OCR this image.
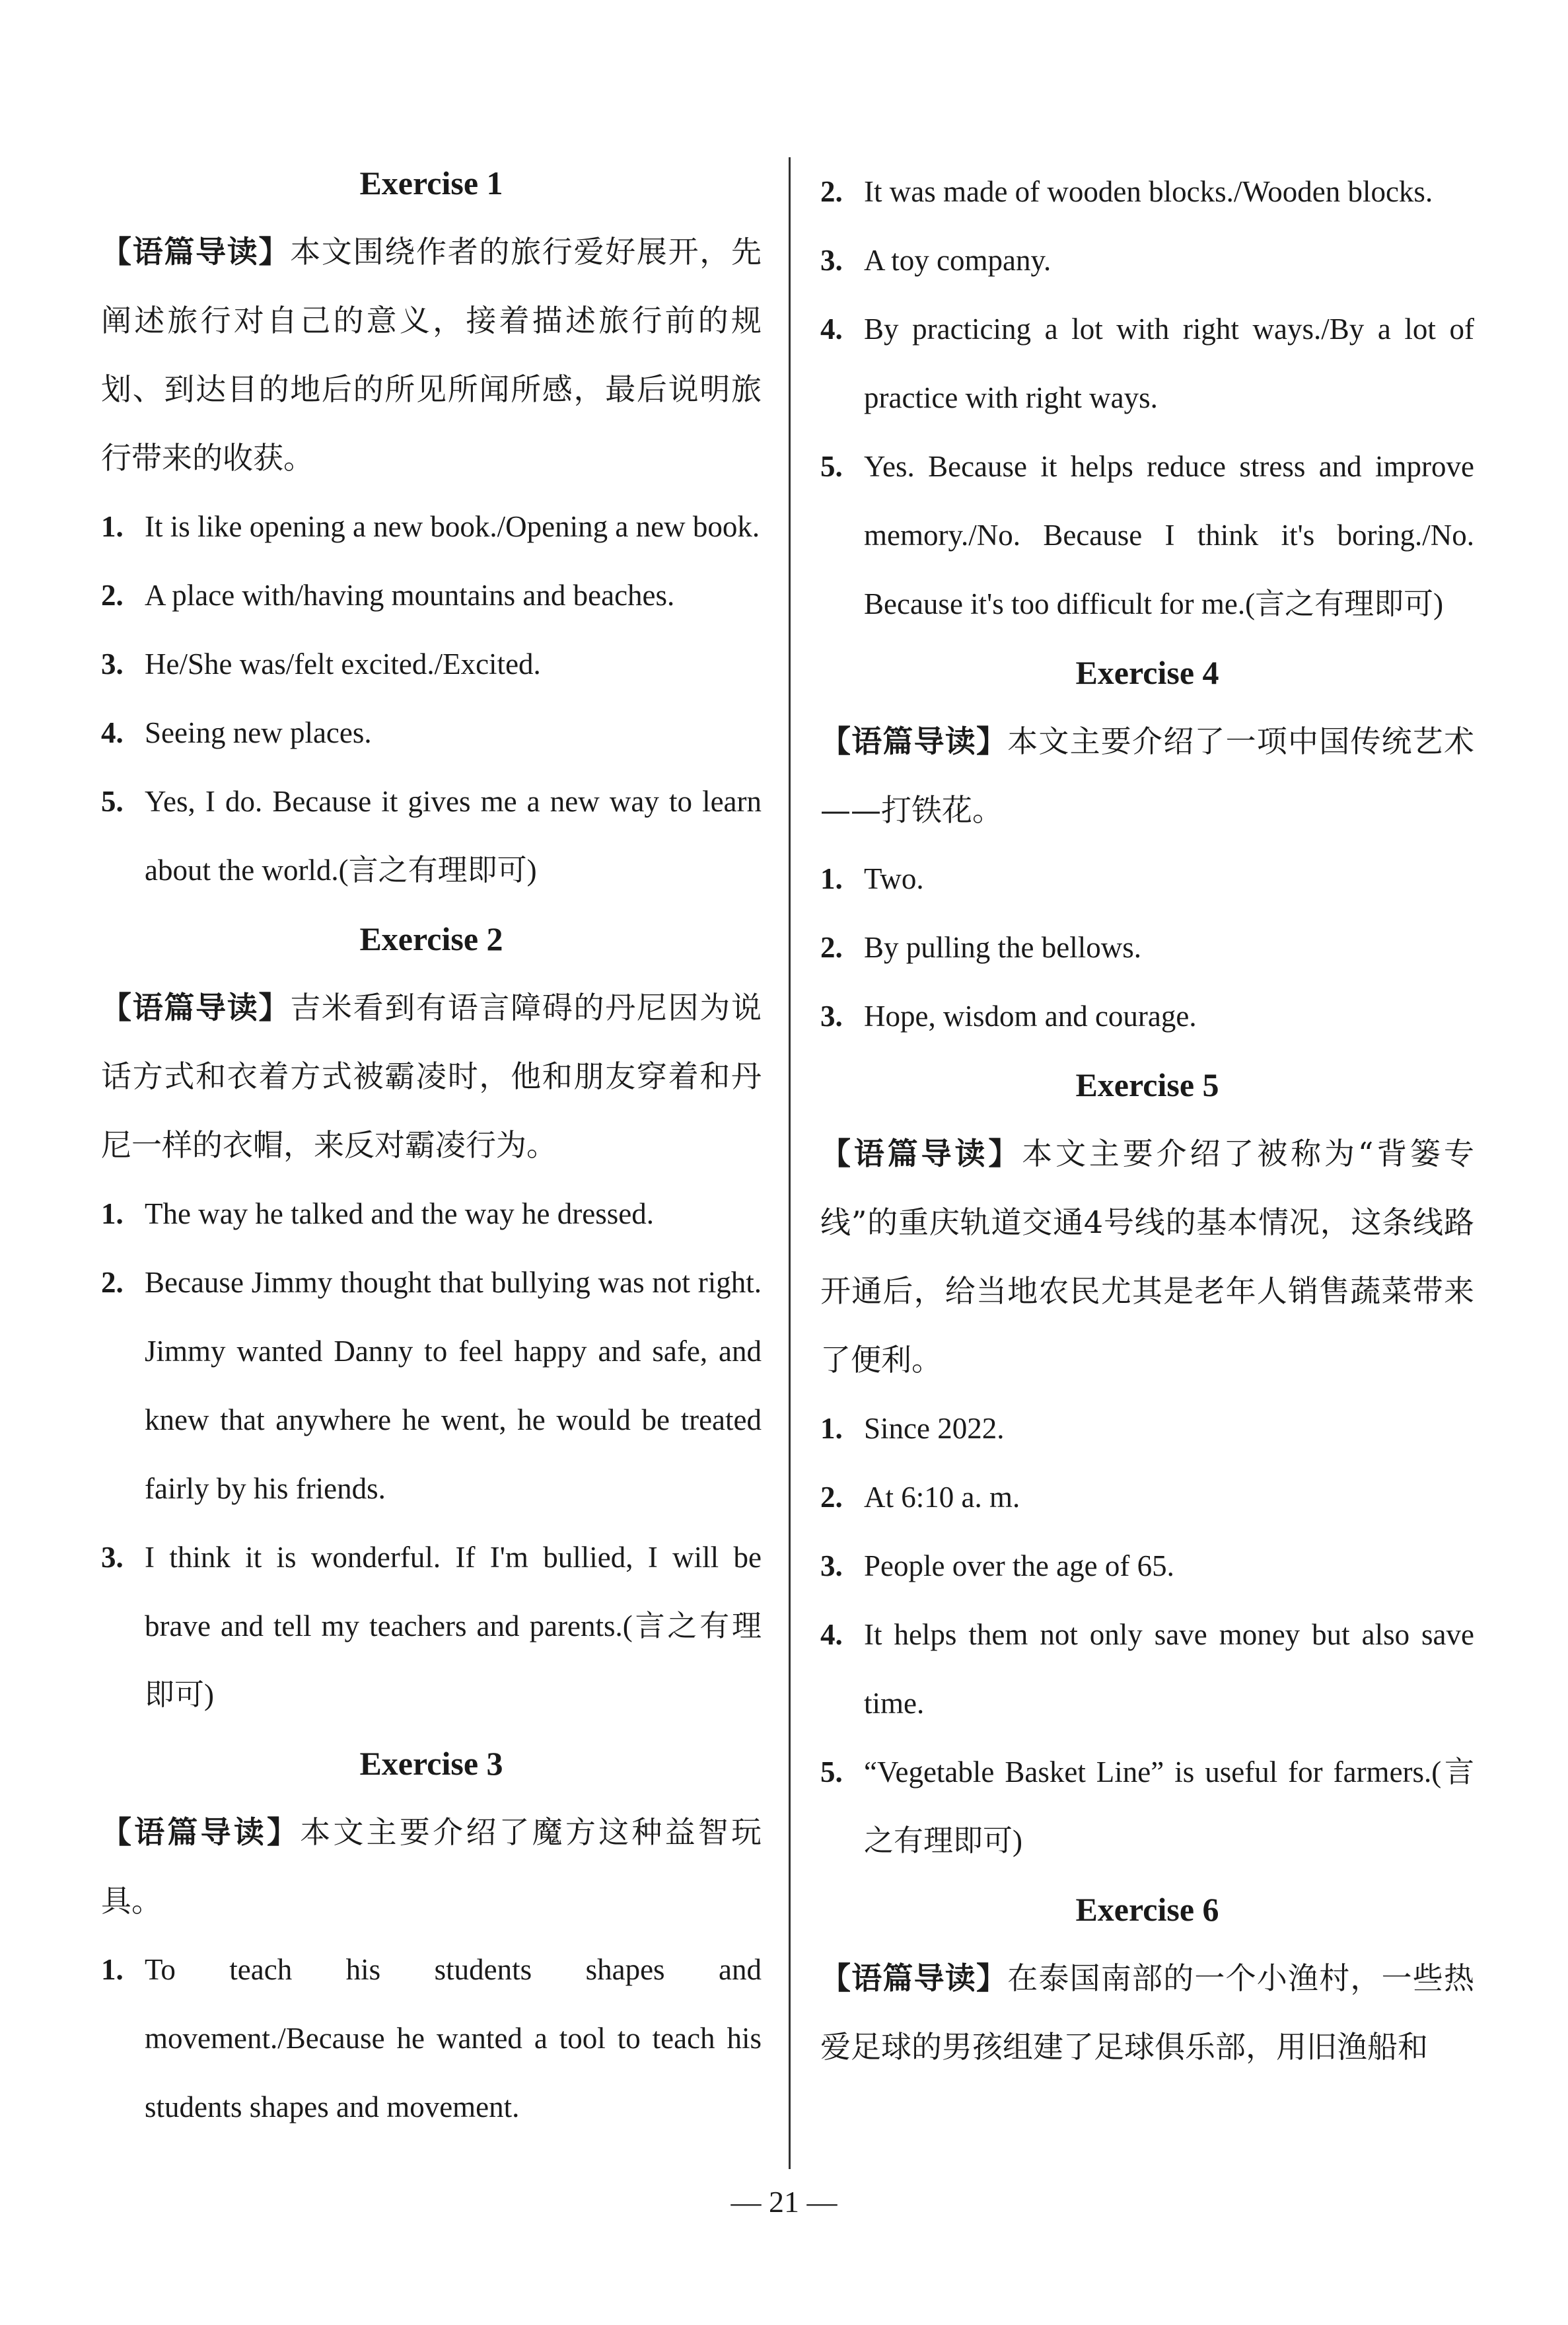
Exercise 1
【语篇导读】本文围绕作者的旅行爱好展开，先阐述旅行对自己的意义，接着描述旅行前的规划、到达目的地后的所见所闻所感，最后说明旅行带来的收获。
1. It is like opening a new book./Opening a new book.
2. A place with/having mountains and beaches.
3. He/She was/felt excited./Excited.
4. Seeing new places.
5. Yes, I do. Because it gives me a new way to learn about the world.(言之有理即可)
Exercise 2
【语篇导读】吉米看到有语言障碍的丹尼因为说话方式和衣着方式被霸凌时，他和朋友穿着和丹尼一样的衣帽，来反对霸凌行为。
1. The way he talked and the way he dressed.
2. Because Jimmy thought that bullying was not right. Jimmy wanted Danny to feel happy and safe, and knew that anywhere he went, he would be treated fairly by his friends.
3. I think it is wonderful. If I'm bullied, I will be brave and tell my teachers and parents.(言之有理即可)
Exercise 3
【语篇导读】本文主要介绍了魔方这种益智玩具。
1. To teach his students shapes and movement./Because he wanted a tool to teach his students shapes and movement.
2. It was made of wooden blocks./Wooden blocks.
3. A toy company.
4. By practicing a lot with right ways./By a lot of practice with right ways.
5. Yes. Because it helps reduce stress and improve memory./No. Because I think it's boring./No. Because it's too difficult for me.(言之有理即可)
Exercise 4
【语篇导读】本文主要介绍了一项中国传统艺术——打铁花。
1. Two.
2. By pulling the bellows.
3. Hope, wisdom and courage.
Exercise 5
【语篇导读】本文主要介绍了被称为“背篓专线”的重庆轨道交通4号线的基本情况，这条线路开通后，给当地农民尤其是老年人销售蔬菜带来了便利。
1. Since 2022.
2. At 6:10 a. m.
3. People over the age of 65.
4. It helps them not only save money but also save time.
5. “Vegetable Basket Line” is useful for farmers.(言之有理即可)
Exercise 6
【语篇导读】在泰国南部的一个小渔村，一些热爱足球的男孩组建了足球俱乐部，用旧渔船和
— 21 —
